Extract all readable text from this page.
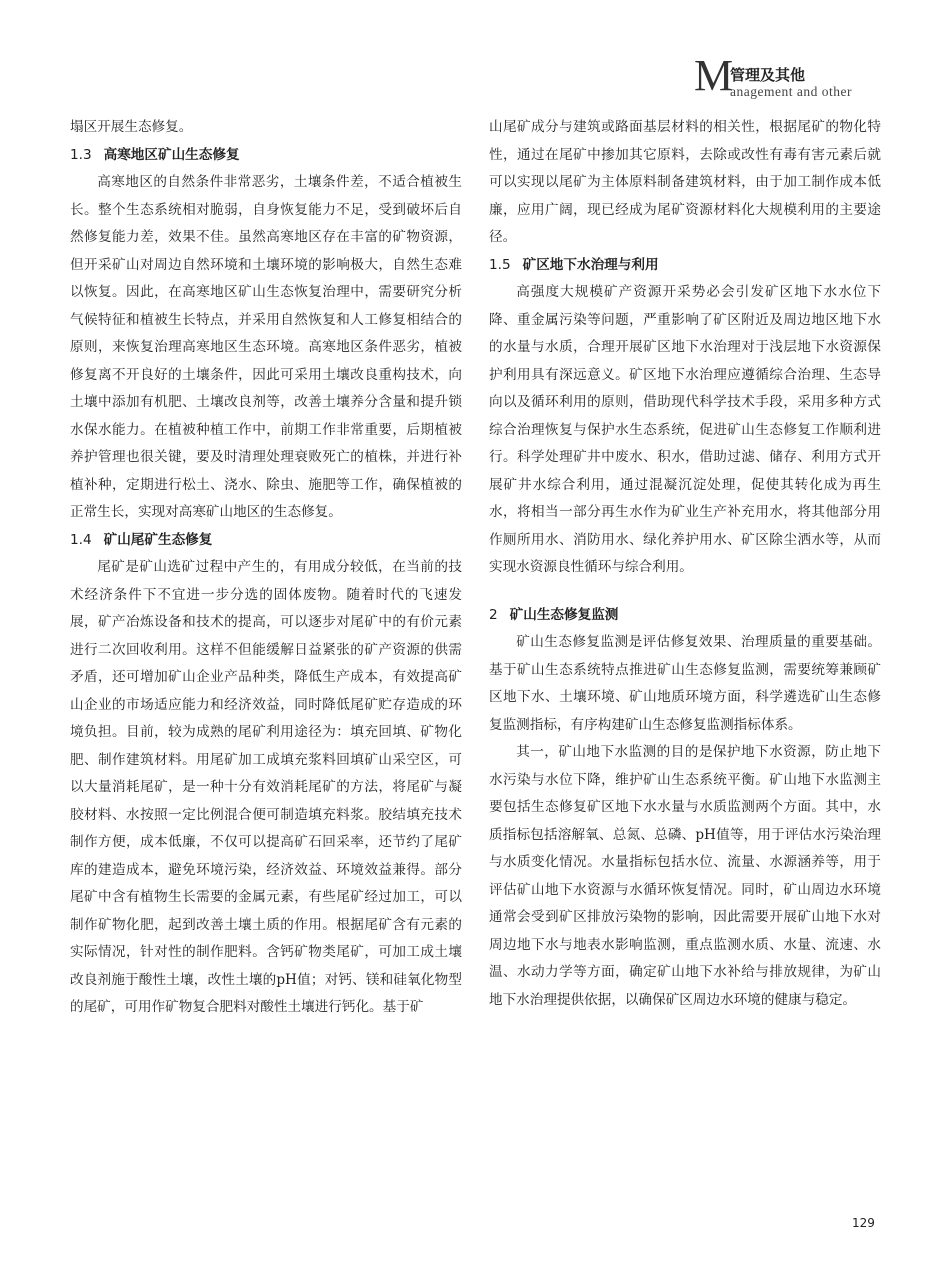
M
管理及其他
anagement and other

塌区开展生态修复。

1.3 高寒地区矿山生态修复

高寒地区的自然条件非常恶劣，土壤条件差，不适合植被生长。整个生态系统相对脆弱，自身恢复能力不足，受到破坏后自然修复能力差，效果不佳。虽然高寒地区存在丰富的矿物资源，但开采矿山对周边自然环境和土壤环境的影响极大，自然生态难以恢复。因此，在高寒地区矿山生态恢复治理中，需要研究分析气候特征和植被生长特点，并采用自然恢复和人工修复相结合的原则，来恢复治理高寒地区生态环境。高寒地区条件恶劣，植被修复离不开良好的土壤条件，因此可采用土壤改良重构技术，向土壤中添加有机肥、土壤改良剂等，改善土壤养分含量和提升锁水保水能力。在植被种植工作中，前期工作非常重要，后期植被养护管理也很关键，要及时清理处理衰败死亡的植株，并进行补植补种，定期进行松土、浇水、除虫、施肥等工作，确保植被的正常生长，实现对高寒矿山地区的生态修复。

1.4 矿山尾矿生态修复

尾矿是矿山选矿过程中产生的，有用成分较低，在当前的技术经济条件下不宜进一步分选的固体废物。随着时代的飞速发展，矿产冶炼设备和技术的提高，可以逐步对尾矿中的有价元素进行二次回收利用。这样不但能缓解日益紧张的矿产资源的供需矛盾，还可增加矿山企业产品种类，降低生产成本，有效提高矿山企业的市场适应能力和经济效益，同时降低尾矿贮存造成的环境负担。目前，较为成熟的尾矿利用途径为：填充回填、矿物化肥、制作建筑材料。用尾矿加工成填充浆料回填矿山采空区，可以大量消耗尾矿，是一种十分有效消耗尾矿的方法，将尾矿与凝胶材料、水按照一定比例混合便可制造填充料浆。胶结填充技术制作方便，成本低廉，不仅可以提高矿石回采率，还节约了尾矿库的建造成本，避免环境污染，经济效益、环境效益兼得。部分尾矿中含有植物生长需要的金属元素，有些尾矿经过加工，可以制作矿物化肥，起到改善土壤土质的作用。根据尾矿含有元素的实际情况，针对性的制作肥料。含钙矿物类尾矿，可加工成土壤改良剂施于酸性土壤，改性土壤的pH值；对钙、镁和硅氧化物型的尾矿，可用作矿物复合肥料对酸性土壤进行钙化。基于矿

山尾矿成分与建筑或路面基层材料的相关性，根据尾矿的物化特性，通过在尾矿中掺加其它原料，去除或改性有毒有害元素后就可以实现以尾矿为主体原料制备建筑材料，由于加工制作成本低廉，应用广阔，现已经成为尾矿资源材料化大规模利用的主要途径。

1.5 矿区地下水治理与利用

高强度大规模矿产资源开采势必会引发矿区地下水水位下降、重金属污染等问题，严重影响了矿区附近及周边地区地下水的水量与水质，合理开展矿区地下水治理对于浅层地下水资源保护利用具有深远意义。矿区地下水治理应遵循综合治理、生态导向以及循环利用的原则，借助现代科学技术手段，采用多种方式综合治理恢复与保护水生态系统，促进矿山生态修复工作顺利进行。科学处理矿井中废水、积水，借助过滤、储存、利用方式开展矿井水综合利用，通过混凝沉淀处理，促使其转化成为再生水，将相当一部分再生水作为矿业生产补充用水，将其他部分用作厕所用水、消防用水、绿化养护用水、矿区除尘洒水等，从而实现水资源良性循环与综合利用。

2 矿山生态修复监测

矿山生态修复监测是评估修复效果、治理质量的重要基础。基于矿山生态系统特点推进矿山生态修复监测，需要统筹兼顾矿区地下水、土壤环境、矿山地质环境方面，科学遴选矿山生态修复监测指标，有序构建矿山生态修复监测指标体系。

其一，矿山地下水监测的目的是保护地下水资源，防止地下水污染与水位下降，维护矿山生态系统平衡。矿山地下水监测主要包括生态修复矿区地下水水量与水质监测两个方面。其中，水质指标包括溶解氧、总氮、总磷、pH值等，用于评估水污染治理与水质变化情况。水量指标包括水位、流量、水源涵养等，用于评估矿山地下水资源与水循环恢复情况。同时，矿山周边水环境通常会受到矿区排放污染物的影响，因此需要开展矿山地下水对周边地下水与地表水影响监测，重点监测水质、水量、流速、水温、水动力学等方面，确定矿山地下水补给与排放规律，为矿山地下水治理提供依据，以确保矿区周边水环境的健康与稳定。

129
